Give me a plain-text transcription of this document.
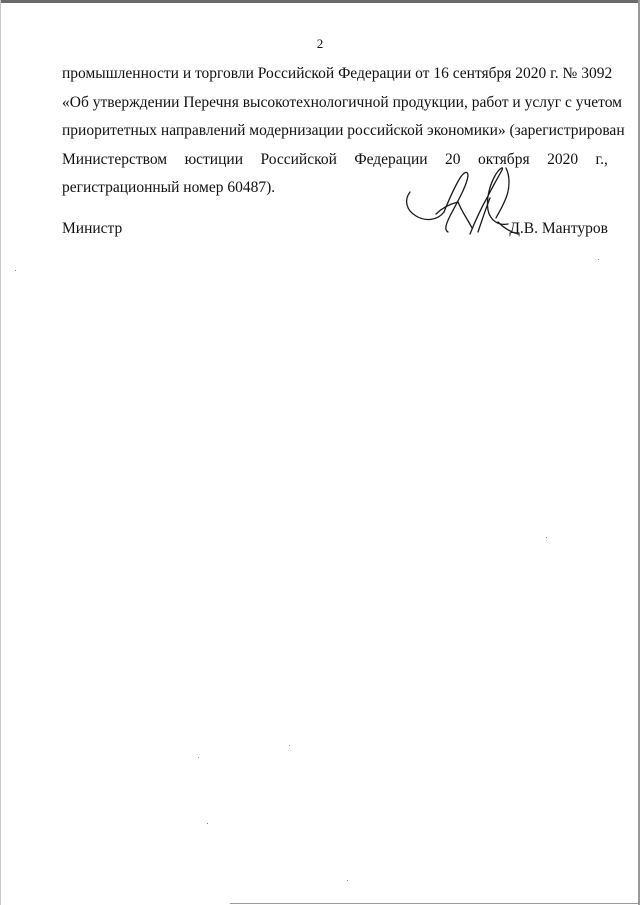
2
промышленности и торговли Российской Федерации от 16 сентября 2020 г. № 3092
«Об утверждении Перечня высокотехнологичной продукции, работ и услуг с учетом
приоритетных направлений модернизации российской экономики» (зарегистрирован
Министерством юстиции Российской Федерации 20 октября 2020 г.,
регистрационный номер 60487).
Министр	Д.В. Мантуров
